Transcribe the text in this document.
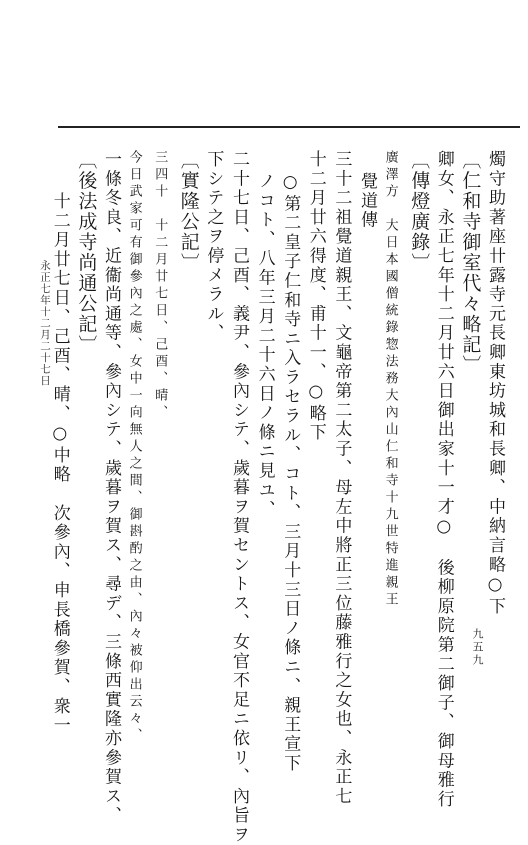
永正七年十二月二十七日
九五九
燭守助著座卄露寺元長卿東坊城和長卿、中納言略○下
〔 仁和寺御室代々略記 〕
卿女、永正七年十二月廿六日御出家十一才○　後柳原院第二御子、御母雅行
〔 傳燈廣錄 〕
廣澤方　大日本國僧統錄惣法務大內山仁和寺十九世特進親王
覺道傳
三十二祖覺道親王、文龜帝第二太子、母左中將正三位藤雅行之女也、永正七
十二月廿六得度、甫十一、○略下
○第二皇子仁和寺ニ入ラセラル、コト、三月十三日ノ條ニ、親王宣下
ノコト、八年三月二十六日ノ條ニ見ユ、
二十七日、己酉、義尹、參內シテ、歲暮ヲ賀セントス、女官不足ニ依リ、內旨ヲ
下シテ之ヲ停メラル、
〔 實隆公記 〕
三四十　十二月廿七日、己酉、晴、
今日武家可有御參內之處、女中一向無人之間、御斟酌之由、內々被仰出云々、
一條冬良、近衞尚通等、參內シテ、歲暮ヲ賀ス、尋デ、三條西實隆亦參賀ス、
〔 後法成寺尚通公記 〕
十二月廿七日、己酉、晴、○中略　次參內、申長橋參賀、衆一
